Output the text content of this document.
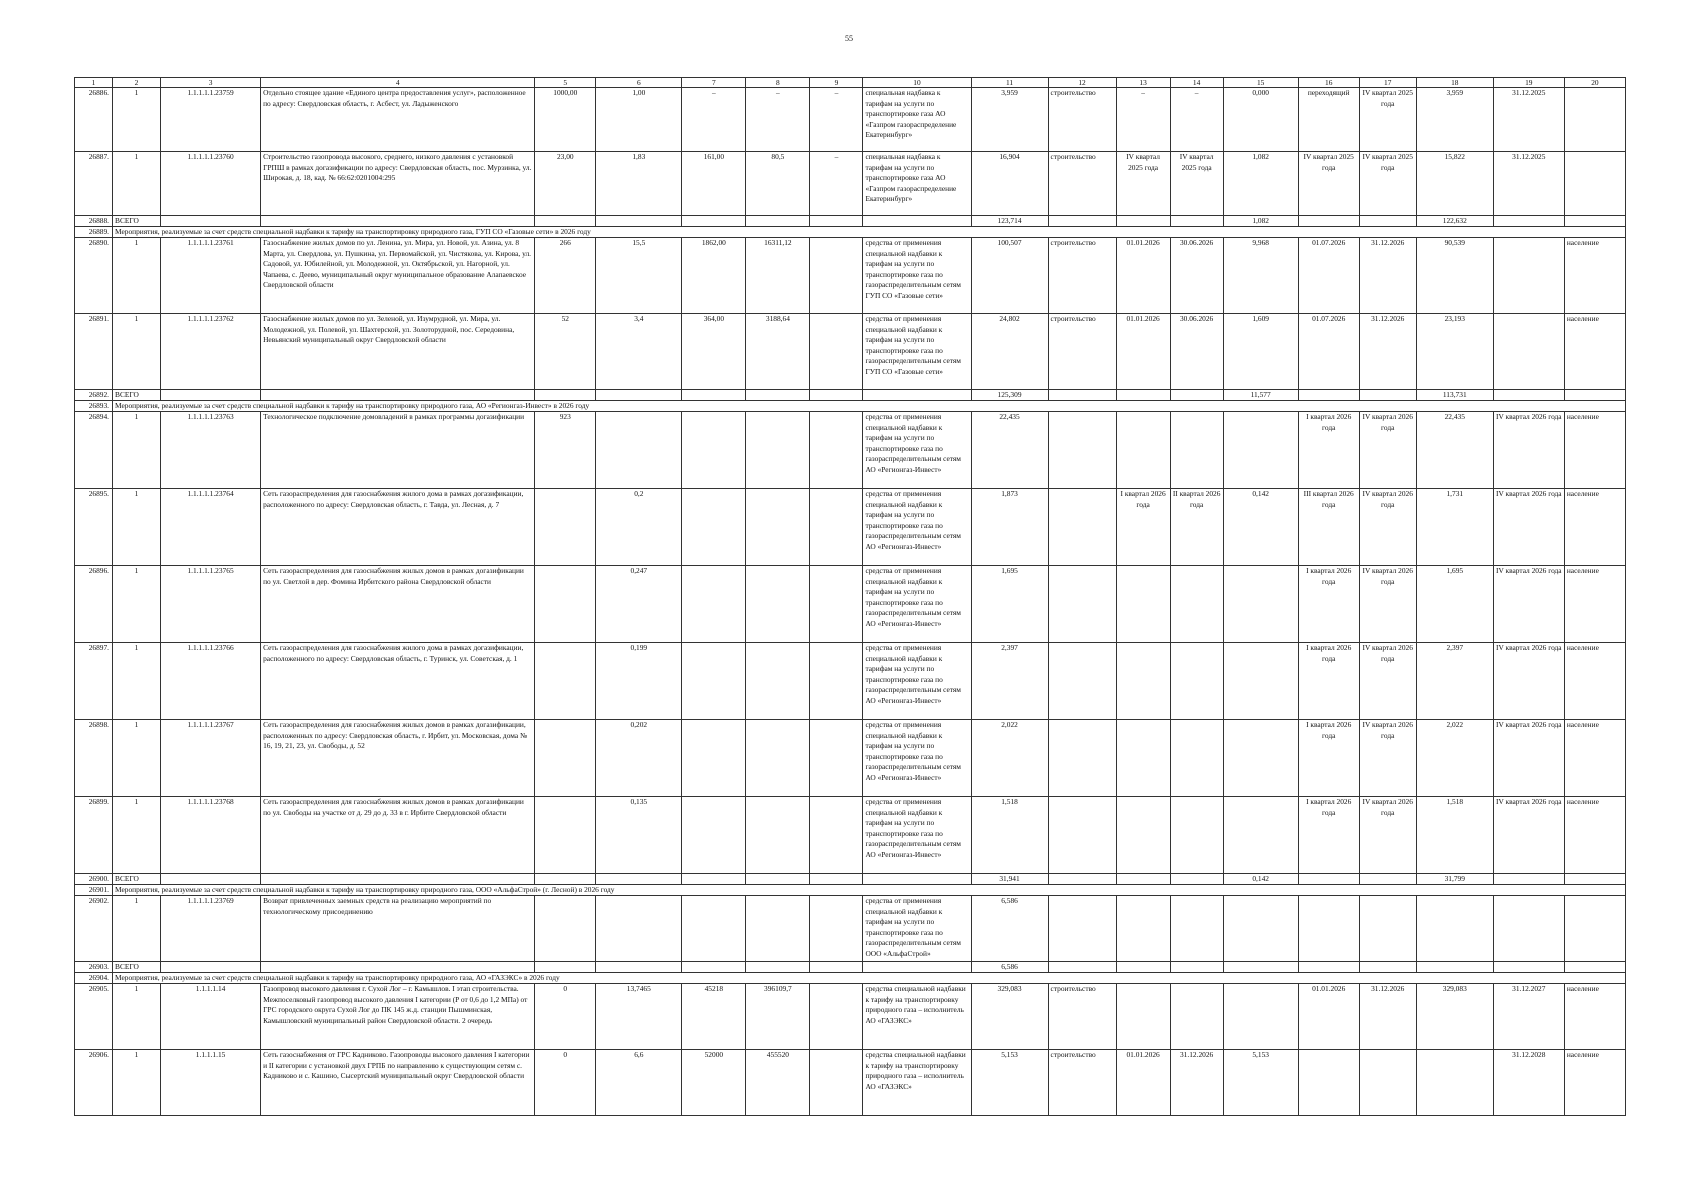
55
1	2	3	4	5	6	7	8	9	10	11	12	13	14	15	16	17	18	19	20
26886.	1	1.1.1.1.1.23759	Отдельно стоящее здание «Единого центра предоставления услуг», расположенное по адресу: Свердловская область, г. Асбест, ул. Ладыженского	1000,00	1,00	–	–	–	специальная надбавка к тарифам на услуги по транспортировке газа АО «Газпром газораспределение Екатеринбург»	3,959	строительство	–	–	0,000	переходящий	IV квартал 2025 года	3,959	31.12.2025	
26887.	1	1.1.1.1.1.23760	Строительство газопровода высокого, среднего, низкого давления с установкой ГРПШ в рамках догазификации по адресу: Свердловская область, пос. Мурзинка, ул. Широкая, д. 18, кад. № 66:62:0201004:295	23,00	1,83	161,00	80,5	–	специальная надбавка к тарифам на услуги по транспортировке газа АО «Газпром газораспределение Екатеринбург»	16,904	строительство	IV квартал 2025 года	IV квартал 2025 года	1,082	IV квартал 2025 года	IV квартал 2025 года	15,822	31.12.2025	
26888.	ВСЕГО									123,714				1,082			122,632		
26889.	Мероприятия, реализуемые за счет средств специальной надбавки к тарифу на транспортировку природного газа, ГУП СО «Газовые сети» в 2026 году																		
26890.	1	1.1.1.1.1.23761	Газоснабжение жилых домов по ул. Ленина, ул. Мира, ул. Новой, ул. Азина, ул. 8 Марта, ул. Свердлова, ул. Пушкина, ул. Первомайской, ул. Чистякова, ул. Кирова, ул. Садовой, ул. Юбилейной, ул. Молодежной, ул. Октябрьской, ул. Нагорной, ул. Чапаева, с. Деево, муниципальный округ муниципальное образование Алапаевское Свердловской области	266	15,5	1862,00	16311,12		средства от применения специальной надбавки к тарифам на услуги по транспортировке газа по газораспределительным сетям ГУП СО «Газовые сети»	100,507	строительство	01.01.2026	30.06.2026	9,968	01.07.2026	31.12.2026	90,539		население
26891.	1	1.1.1.1.1.23762	Газоснабжение жилых домов по ул. Зеленой, ул. Изумрудной, ул. Мира, ул. Молодежной, ул. Полевой, ул. Шахтерской, ул. Золоторудной, пос. Середовина, Невьянский муниципальный округ Свердловской области	52	3,4	364,00	3188,64		средства от применения специальной надбавки к тарифам на услуги по транспортировке газа по газораспределительным сетям ГУП СО «Газовые сети»	24,802	строительство	01.01.2026	30.06.2026	1,609	01.07.2026	31.12.2026	23,193		население
26892.	ВСЕГО									125,309				11,577			113,731		
26893.	Мероприятия, реализуемые за счет средств специальной надбавки к тарифу на транспортировку природного газа, АО «Регионгаз-Инвест» в 2026 году																		
26894.	1	1.1.1.1.1.23763	Технологическое подключение домовладений в рамках программы догазификации	923					средства от применения специальной надбавки к тарифам на услуги по транспортировке газа по газораспределительным сетям АО «Регионгаз-Инвест»	22,435					I квартал 2026 года	IV квартал 2026 года	22,435	IV квартал 2026 года	население
26895.	1	1.1.1.1.1.23764	Сеть газораспределения для газоснабжения жилого дома в рамках догазификации, расположенного по адресу: Свердловская область, г. Тавда, ул. Лесная, д. 7		0,2				средства от применения специальной надбавки к тарифам на услуги по транспортировке газа по газораспределительным сетям АО «Регионгаз-Инвест»	1,873		I квартал 2026 года	II квартал 2026 года	0,142	III квартал 2026 года	IV квартал 2026 года	1,731	IV квартал 2026 года	население
26896.	1	1.1.1.1.1.23765	Сеть газораспределения для газоснабжения жилых домов в рамках догазификации по ул. Светлой в дер. Фомина Ирбитского района Свердловской области		0,247				средства от применения специальной надбавки к тарифам на услуги по транспортировке газа по газораспределительным сетям АО «Регионгаз-Инвест»	1,695					I квартал 2026 года	IV квартал 2026 года	1,695	IV квартал 2026 года	население
26897.	1	1.1.1.1.1.23766	Сеть газораспределения для газоснабжения жилого дома в рамках догазификации, расположенного по адресу: Свердловская область, г. Туринск, ул. Советская, д. 1		0,199				средства от применения специальной надбавки к тарифам на услуги по транспортировке газа по газораспределительным сетям АО «Регионгаз-Инвест»	2,397					I квартал 2026 года	IV квартал 2026 года	2,397	IV квартал 2026 года	население
26898.	1	1.1.1.1.1.23767	Сеть газораспределения для газоснабжения жилых домов в рамках догазификации, расположенных по адресу: Свердловская область, г. Ирбит, ул. Московская, дома № 16, 19, 21, 23, ул. Свободы, д. 52		0,202				средства от применения специальной надбавки к тарифам на услуги по транспортировке газа по газораспределительным сетям АО «Регионгаз-Инвест»	2,022					I квартал 2026 года	IV квартал 2026 года	2,022	IV квартал 2026 года	население
26899.	1	1.1.1.1.1.23768	Сеть газораспределения для газоснабжения жилых домов в рамках догазификации по ул. Свободы на участке от д. 29 до д. 33 в г. Ирбите Свердловской области		0,135				средства от применения специальной надбавки к тарифам на услуги по транспортировке газа по газораспределительным сетям АО «Регионгаз-Инвест»	1,518					I квартал 2026 года	IV квартал 2026 года	1,518	IV квартал 2026 года	население
26900.	ВСЕГО									31,941				0,142			31,799		
26901.	Мероприятия, реализуемые за счет средств специальной надбавки к тарифу на транспортировку природного газа, ООО «АльфаСтрой» (г. Лесной) в 2026 году																		
26902.	1	1.1.1.1.1.23769	Возврат привлеченных заемных средств на реализацию мероприятий по технологическому присоединению						средства от применения специальной надбавки к тарифам на услуги по транспортировке газа по газораспределительным сетям ООО «АльфаСтрой»	6,586									
26903.	ВСЕГО									6,586									
26904.	Мероприятия, реализуемые за счет средств специальной надбавки к тарифу на транспортировку природного газа, АО «ГАЗЭКС» в 2026 году																		
26905.	1	1.1.1.1.14	Газопровод высокого давления г. Сухой Лог – г. Камышлов. I этап строительства. Межпоселковый газопровод высокого давления I категории (P от 0,6 до 1,2 МПа) от ГРС городского округа Сухой Лог до ПК 145 ж.д. станции Пышминская, Камышловский муниципальный район Свердловской области. 2 очередь	0	13,7465	45218	396109,7		средства специальной надбавки к тарифу на транспортировку природного газа – исполнитель АО «ГАЗЭКС»	329,083	строительство				01.01.2026	31.12.2026	329,083	31.12.2027	население
26906.	1	1.1.1.1.15	Сеть газоснабжения от ГРС Кадниково. Газопроводы высокого давления I категории и II категории с установкой двух ГРПБ по направлению к существующим сетям с. Кадниково и с. Кашино, Сысертский муниципальный округ Свердловской области	0	6,6	52000	455520		средства специальной надбавки к тарифу на транспортировку природного газа – исполнитель АО «ГАЗЭКС»	5,153	строительство	01.01.2026	31.12.2026	5,153				31.12.2028	население
